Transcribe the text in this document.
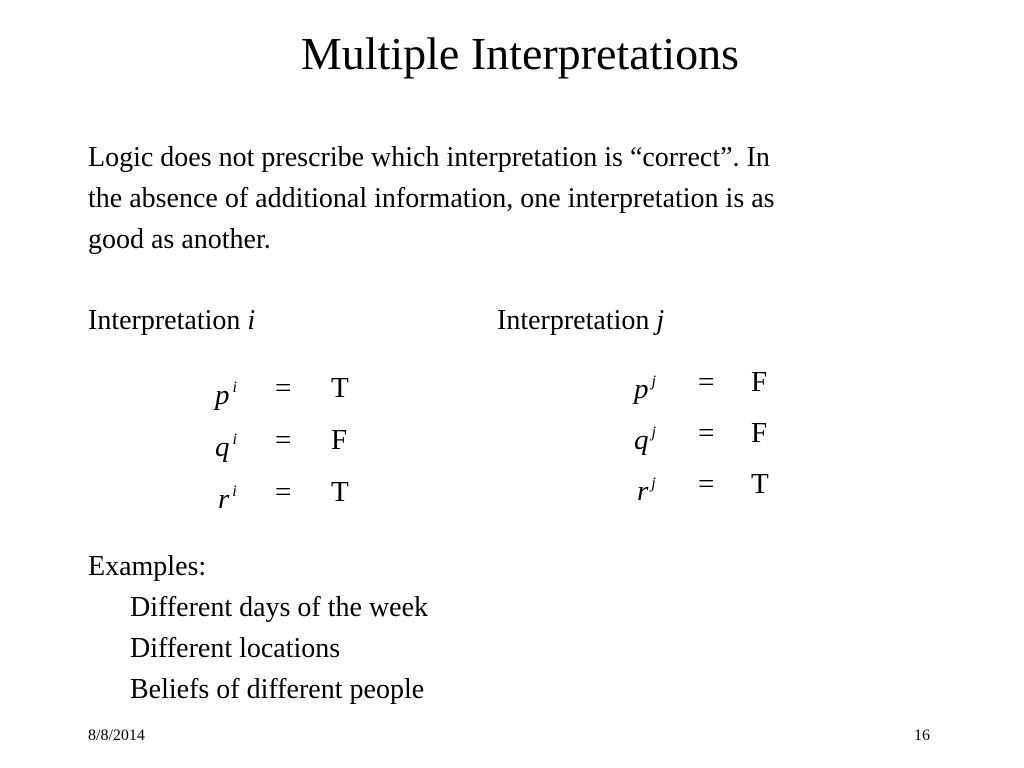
Multiple Interpretations

Logic does not prescribe which interpretation is “correct”. In

the absence of additional information, one interpretation is as

good as another.

Interpretation i
p $^i$ = T
q $^i$ = F
r $^i$ = T
Interpretation j
p $^j$ = F
q $^j$ = F
r $^j$ = T
Examples:
Different days of the week
Different locations
Beliefs of different people
8/8/2014	16
